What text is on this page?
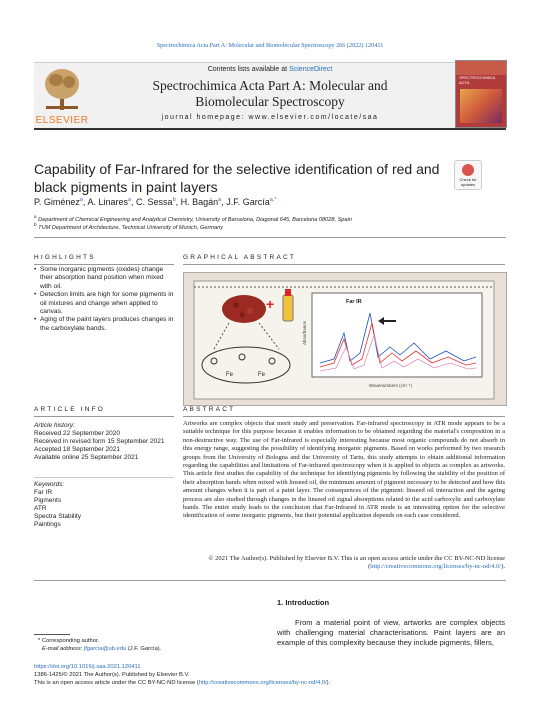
Spectrochimica Acta Part A: Molecular and Biomolecular Spectroscopy 266 (2022) 120411
ELSEVIER
Contents lists available at ScienceDirect
Spectrochimica Acta Part A: Molecular and
Biomolecular Spectroscopy
journal homepage: www.elsevier.com/locate/saa
SPECTROCHIMICA ACTA
Capability of Far-Infrared for the selective identification of red and black pigments in paint layers	Check for updates
P. Giménez$^a$, A. Linares$^a$, C. Sessa$^b$, H. Bagán$^a$, J.F. García$^{a,*}$
$^a$ Department of Chemical Engineering and Analytical Chemistry, University of Barcelona, Diagonal 645, Barcelona 08028, Spain
$^b$ TUM Department of Architecture, Technical University of Munich, Germany
HIGHLIGHTS
• Some inorganic pigments (oxides) change their absorption band position when mixed with oil.
• Detection limits are high for some pigments in oil mixtures and change when applied to canvas.
• Aging of the paint layers produces changes in the carboxylate bands.
GRAPHICAL ABSTRACT
+
Fe	Fe
Far IR
Wavenumbers (cm⁻¹)
Absorbance
ARTICLE INFO
Article history:
Received 22 September 2020
Received in revised form 15 September 2021
Accepted 18 September 2021
Available online 25 September 2021
Keywords:
Far IR
Pigments
ATR
Spectra Stability
Paintings
ABSTRACT
Artworks are complex objects that merit study and preservation. Far-infrared spectroscopy in ATR mode appears to be a suitable technique for this purpose because it enables information to be obtained regarding the material's composition in a non-destructive way. The use of Far-infrared is especially interesting because most organic compounds do not absorb in this energy range, suggesting the possibility of identifying inorganic pigments. Based on works performed by two research groups from the University of Bologna and the University of Tartu, this study attempts to obtain additional information regarding the capabilities and limitations of Far-infrared spectroscopy when it is applied to objects as complex as artworks. This article first studies the capability of the technique for identifying pigments by following the stability of the position of their absorption bands when mixed with linseed oil, the minimum amount of pigment necessary to be detected and how this amount changes when it is part of a paint layer. The consequences of the pigment: linseed oil interaction and the ageing process are also studied through changes in the linseed oil signal absorptions related to the acid carboxylic and carboxylate bands. The entire study leads to the conclusion that Far-Infrared in ATR mode is an interesting option for the selective identification of some inorganic pigments, but their potential application depends on each case considered.
© 2021 The Author(s). Published by Elsevier B.V. This is an open access article under the CC BY-NC-ND license (http://creativecommons.org/licenses/by-nc-nd/4.0/).
1. Introduction
From a material point of view, artworks are complex objects with challenging material characterisations. Paint layers are an example of this complexity because they include pigments, fillers,
* Corresponding author.
E-mail address: jfgarcia@ub.edu (J.F. García).
https://doi.org/10.1016/j.saa.2021.120411
1386-1425/© 2021 The Author(s). Published by Elsevier B.V.
This is an open access article under the CC BY-NC-ND license (http://creativecommons.org/licenses/by-nc-nd/4.0/).
